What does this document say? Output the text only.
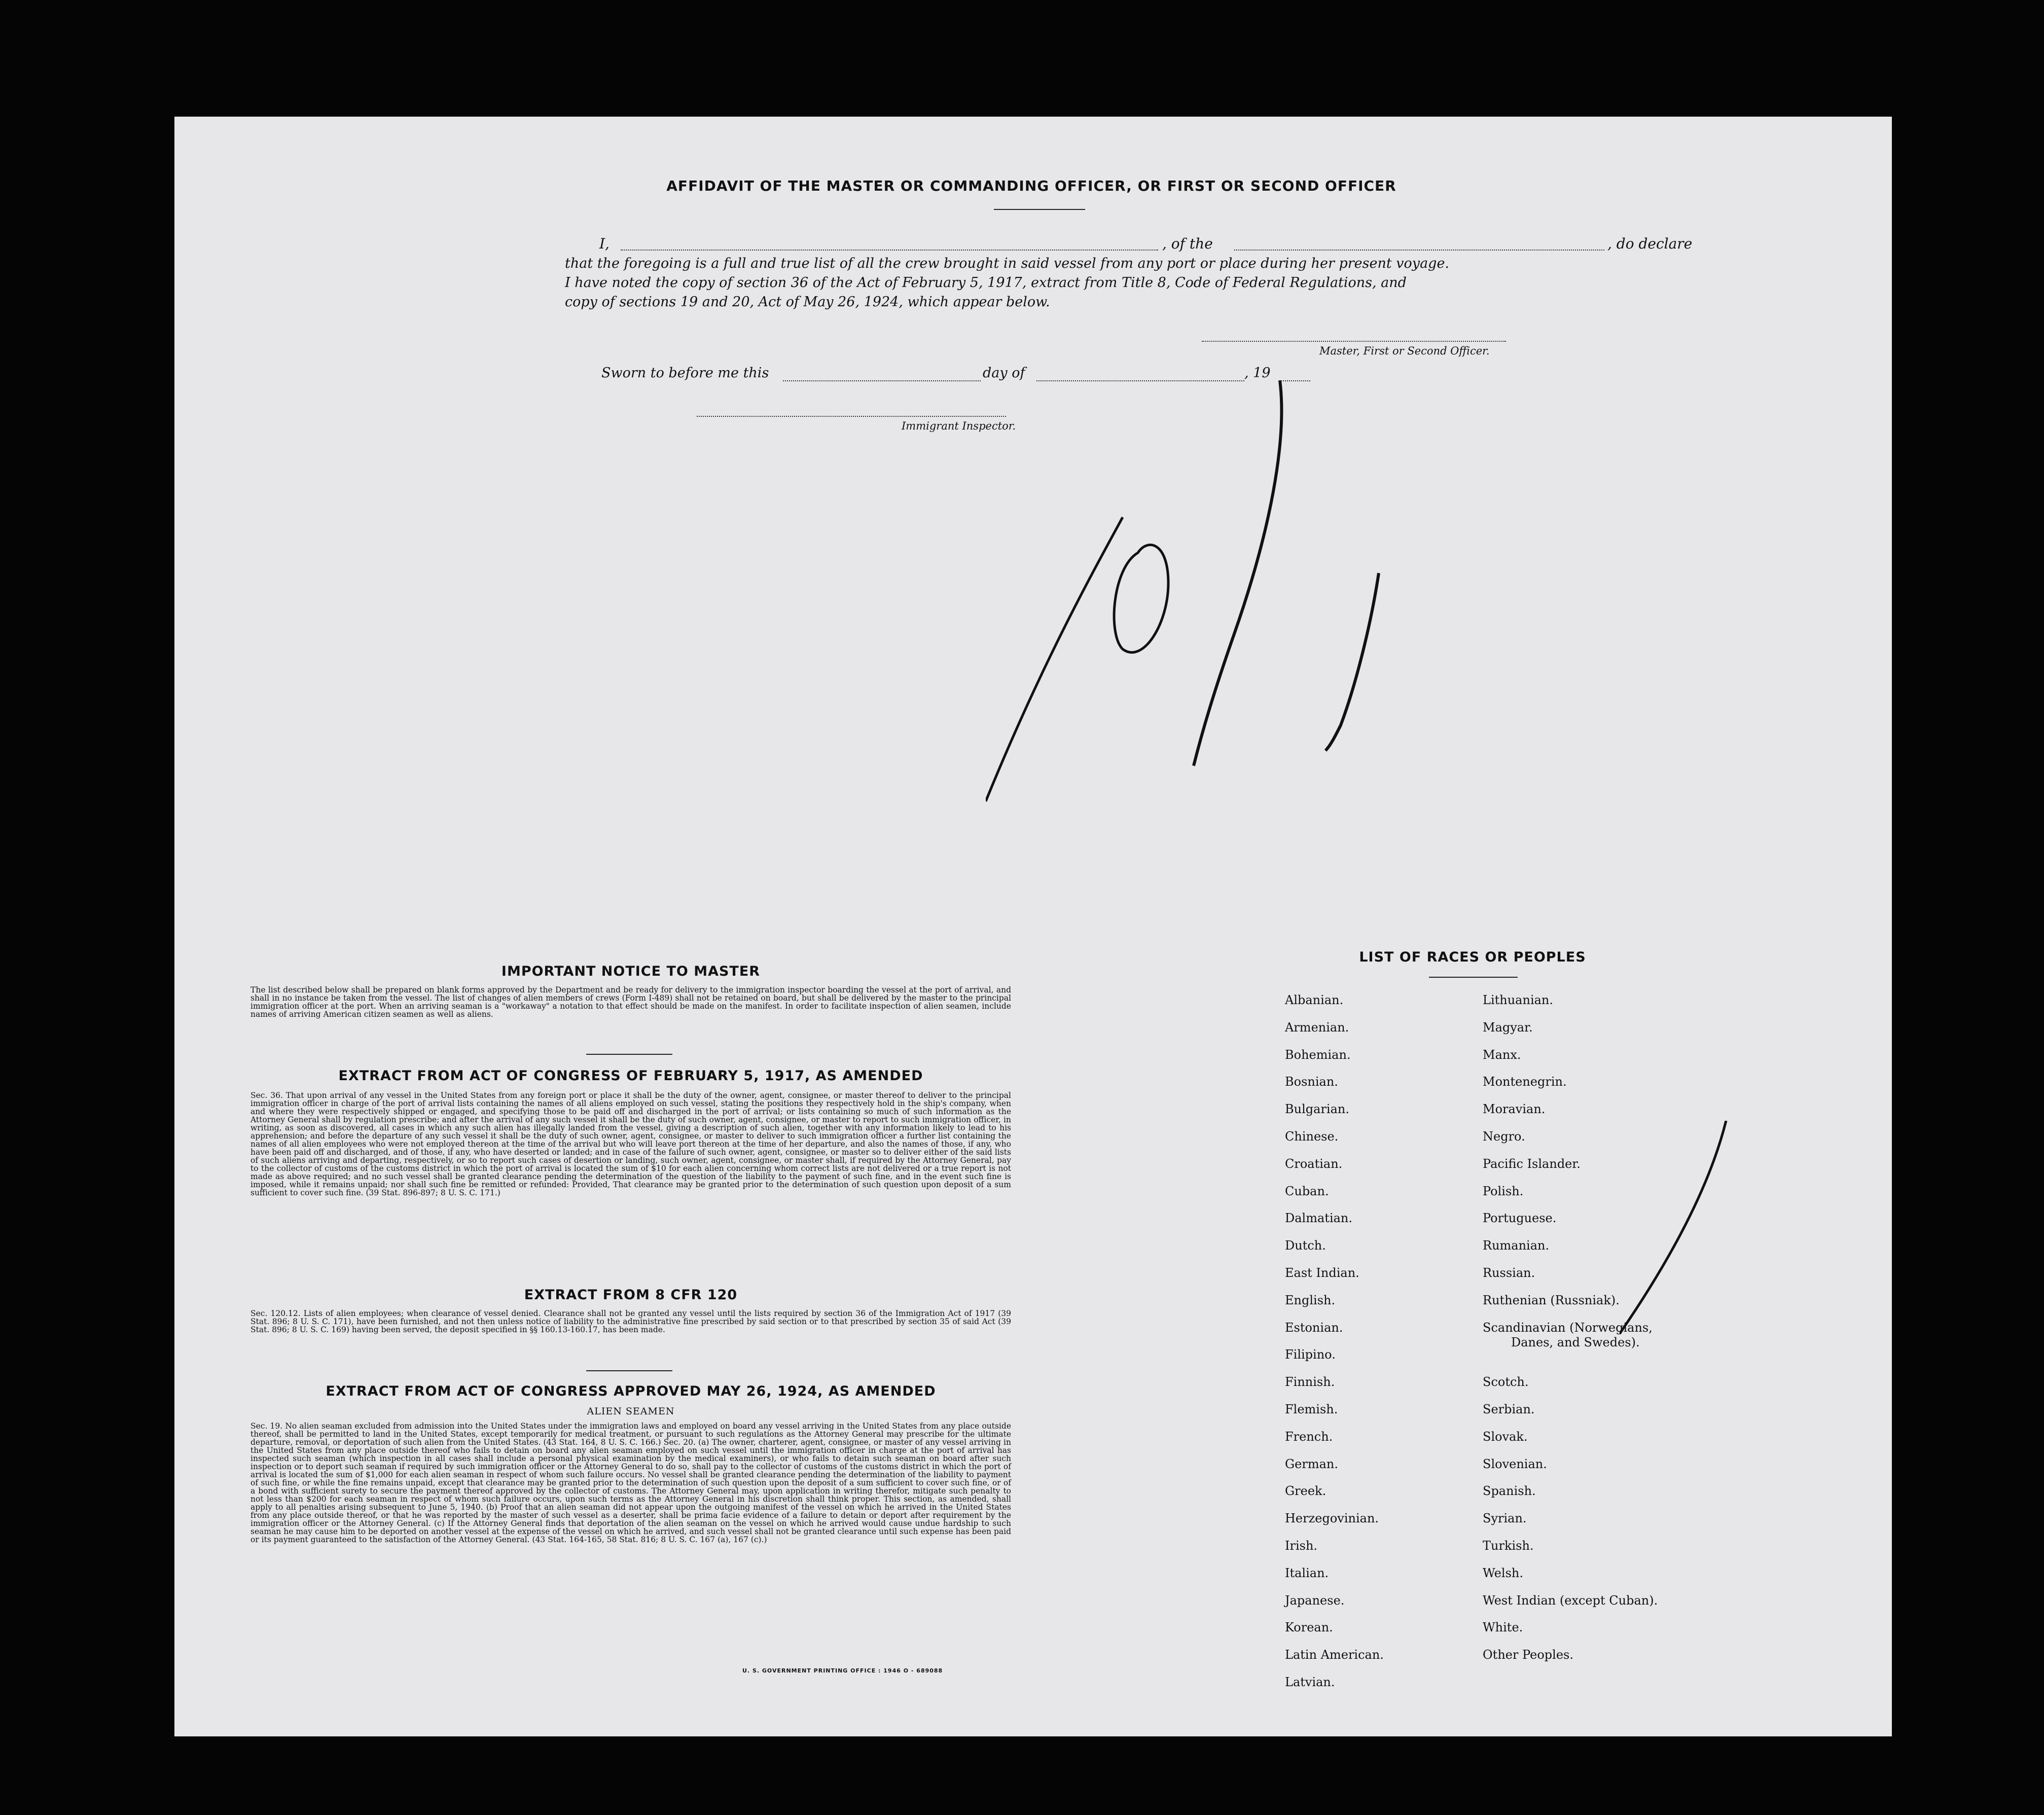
AFFIDAVIT OF THE MASTER OR COMMANDING OFFICER, OR FIRST OR SECOND OFFICER
I,	, of the	, do declare
that the foregoing is a full and true list of all the crew brought in said vessel from any port or place during her present voyage.
I have noted the copy of section 36 of the Act of February 5, 1917, extract from Title 8, Code of Federal Regulations, and
copy of sections 19 and 20, Act of May 26, 1924, which appear below.
Master, First or Second Officer.
Sworn to before me this	day of	, 19
Immigrant Inspector.
IMPORTANT NOTICE TO MASTER
The list described below shall be prepared on blank forms approved by the Department and be ready for delivery to the immigration inspector boarding the vessel at the port of arrival, and shall in no instance be taken from the vessel. The list of changes of alien members of crews (Form I-489) shall not be retained on board, but shall be delivered by the master to the principal immigration officer at the port. When an arriving seaman is a "workaway" a notation to that effect should be made on the manifest. In order to facilitate inspection of alien seamen, include names of arriving American citizen seamen as well as aliens.
EXTRACT FROM ACT OF CONGRESS OF FEBRUARY 5, 1917, AS AMENDED
Sec. 36. That upon arrival of any vessel in the United States from any foreign port or place it shall be the duty of the owner, agent, consignee, or master thereof to deliver to the principal immigration officer in charge of the port of arrival lists containing the names of all aliens employed on such vessel, stating the positions they respectively hold in the ship's company, when and where they were respectively shipped or engaged, and specifying those to be paid off and discharged in the port of arrival; or lists containing so much of such information as the Attorney General shall by regulation prescribe; and after the arrival of any such vessel it shall be the duty of such owner, agent, consignee, or master to report to such immigration officer, in writing, as soon as discovered, all cases in which any such alien has illegally landed from the vessel, giving a description of such alien, together with any information likely to lead to his apprehension; and before the departure of any such vessel it shall be the duty of such owner, agent, consignee, or master to deliver to such immigration officer a further list containing the names of all alien employees who were not employed thereon at the time of the arrival but who will leave port thereon at the time of her departure, and also the names of those, if any, who have been paid off and discharged, and of those, if any, who have deserted or landed; and in case of the failure of such owner, agent, consignee, or master so to deliver either of the said lists of such aliens arriving and departing, respectively, or so to report such cases of desertion or landing, such owner, agent, consignee, or master shall, if required by the Attorney General, pay to the collector of customs of the customs district in which the port of arrival is located the sum of $10 for each alien concerning whom correct lists are not delivered or a true report is not made as above required; and no such vessel shall be granted clearance pending the determination of the question of the liability to the payment of such fine, and in the event such fine is imposed, while it remains unpaid; nor shall such fine be remitted or refunded: Provided, That clearance may be granted prior to the determination of such question upon deposit of a sum sufficient to cover such fine. (39 Stat. 896-897; 8 U. S. C. 171.)
EXTRACT FROM 8 CFR 120
Sec. 120.12. Lists of alien employees; when clearance of vessel denied. Clearance shall not be granted any vessel until the lists required by section 36 of the Immigration Act of 1917 (39 Stat. 896; 8 U. S. C. 171), have been furnished, and not then unless notice of liability to the administrative fine prescribed by said section or to that prescribed by section 35 of said Act (39 Stat. 896; 8 U. S. C. 169) having been served, the deposit specified in §§ 160.13-160.17, has been made.
EXTRACT FROM ACT OF CONGRESS APPROVED MAY 26, 1924, AS AMENDED
ALIEN SEAMEN
Sec. 19. No alien seaman excluded from admission into the United States under the immigration laws and employed on board any vessel arriving in the United States from any place outside thereof, shall be permitted to land in the United States, except temporarily for medical treatment, or pursuant to such regulations as the Attorney General may prescribe for the ultimate departure, removal, or deportation of such alien from the United States. (43 Stat. 164, 8 U. S. C. 166.) Sec. 20. (a) The owner, charterer, agent, consignee, or master of any vessel arriving in the United States from any place outside thereof who fails to detain on board any alien seaman employed on such vessel until the immigration officer in charge at the port of arrival has inspected such seaman (which inspection in all cases shall include a personal physical examination by the medical examiners), or who fails to detain such seaman on board after such inspection or to deport such seaman if required by such immigration officer or the Attorney General to do so, shall pay to the collector of customs of the customs district in which the port of arrival is located the sum of $1,000 for each alien seaman in respect of whom such failure occurs. No vessel shall be granted clearance pending the determination of the liability to payment of such fine, or while the fine remains unpaid, except that clearance may be granted prior to the determination of such question upon the deposit of a sum sufficient to cover such fine, or of a bond with sufficient surety to secure the payment thereof approved by the collector of customs. The Attorney General may, upon application in writing therefor, mitigate such penalty to not less than $200 for each seaman in respect of whom such failure occurs, upon such terms as the Attorney General in his discretion shall think proper. This section, as amended, shall apply to all penalties arising subsequent to June 5, 1940. (b) Proof that an alien seaman did not appear upon the outgoing manifest of the vessel on which he arrived in the United States from any place outside thereof, or that he was reported by the master of such vessel as a deserter, shall be prima facie evidence of a failure to detain or deport after requirement by the immigration officer or the Attorney General. (c) If the Attorney General finds that deportation of the alien seaman on the vessel on which he arrived would cause undue hardship to such seaman he may cause him to be deported on another vessel at the expense of the vessel on which he arrived, and such vessel shall not be granted clearance until such expense has been paid or its payment guaranteed to the satisfaction of the Attorney General. (43 Stat. 164-165, 58 Stat. 816; 8 U. S. C. 167 (a), 167 (c).)
U. S. GOVERNMENT PRINTING OFFICE : 1946 O - 689088
LIST OF RACES OR PEOPLES
Albanian.
Armenian.
Bohemian.
Bosnian.
Bulgarian.
Chinese.
Croatian.
Cuban.
Dalmatian.
Dutch.
East Indian.
English.
Estonian.
Filipino.
Finnish.
Flemish.
French.
German.
Greek.
Herzegovinian.
Irish.
Italian.
Japanese.
Korean.
Latin American.
Latvian.
Lithuanian.
Magyar.
Manx.
Montenegrin.
Moravian.
Negro.
Pacific Islander.
Polish.
Portuguese.
Rumanian.
Russian.
Ruthenian (Russniak).
Scandinavian (Norwegians,
Danes, and Swedes).
Scotch.
Serbian.
Slovak.
Slovenian.
Spanish.
Syrian.
Turkish.
Welsh.
West Indian (except Cuban).
White.
Other Peoples.
